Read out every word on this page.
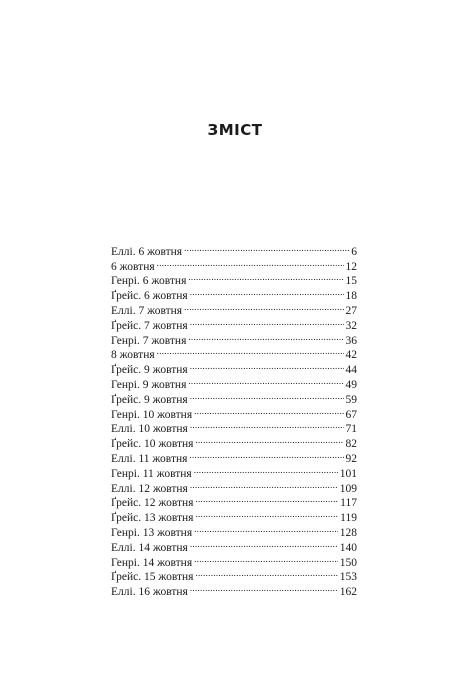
ЗМІСТ
Еллі. 6 жовтня .....	6
6 жовтня .....	12
Генрі. 6 жовтня .....	15
Ґрейс. 6 жовтня .....	18
Еллі. 7 жовтня .....	27
Ґрейс. 7 жовтня .....	32
Генрі. 7 жовтня .....	36
8 жовтня .....	42
Ґрейс. 9 жовтня .....	44
Генрі. 9 жовтня .....	49
Ґрейс. 9 жовтня .....	59
Генрі. 10 жовтня .....	67
Еллі. 10 жовтня .....	71
Ґрейс. 10 жовтня .....	82
Еллі. 11 жовтня .....	92
Генрі. 11 жовтня .....	101
Еллі. 12 жовтня .....	109
Ґрейс. 12 жовтня .....	117
Ґрейс. 13 жовтня .....	119
Генрі. 13 жовтня .....	128
Еллі. 14 жовтня .....	140
Генрі. 14 жовтня .....	150
Ґрейс. 15 жовтня .....	153
Еллі. 16 жовтня .....	162
